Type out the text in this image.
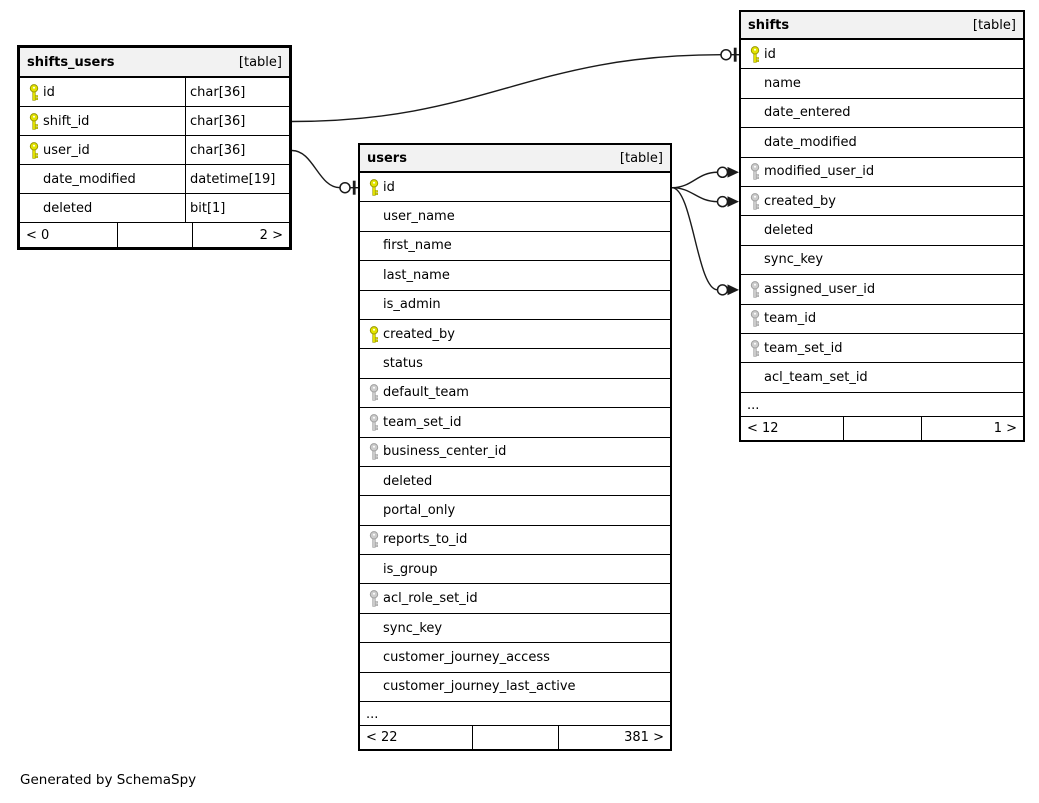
shifts_users	[table]
id	char[36]
shift_id	char[36]
user_id	char[36]
date_modified	datetime[19]
deleted	bit[1]
< 0	2 >
users	[table]
id
user_name
first_name
last_name
is_admin
created_by
status
default_team
team_set_id
business_center_id
deleted
portal_only
reports_to_id
is_group
acl_role_set_id
sync_key
customer_journey_access
customer_journey_last_active
...
< 22	381 >
shifts	[table]
id
name
date_entered
date_modified
modified_user_id
created_by
deleted
sync_key
assigned_user_id
team_id
team_set_id
acl_team_set_id
...
< 12	1 >
Generated by SchemaSpy
